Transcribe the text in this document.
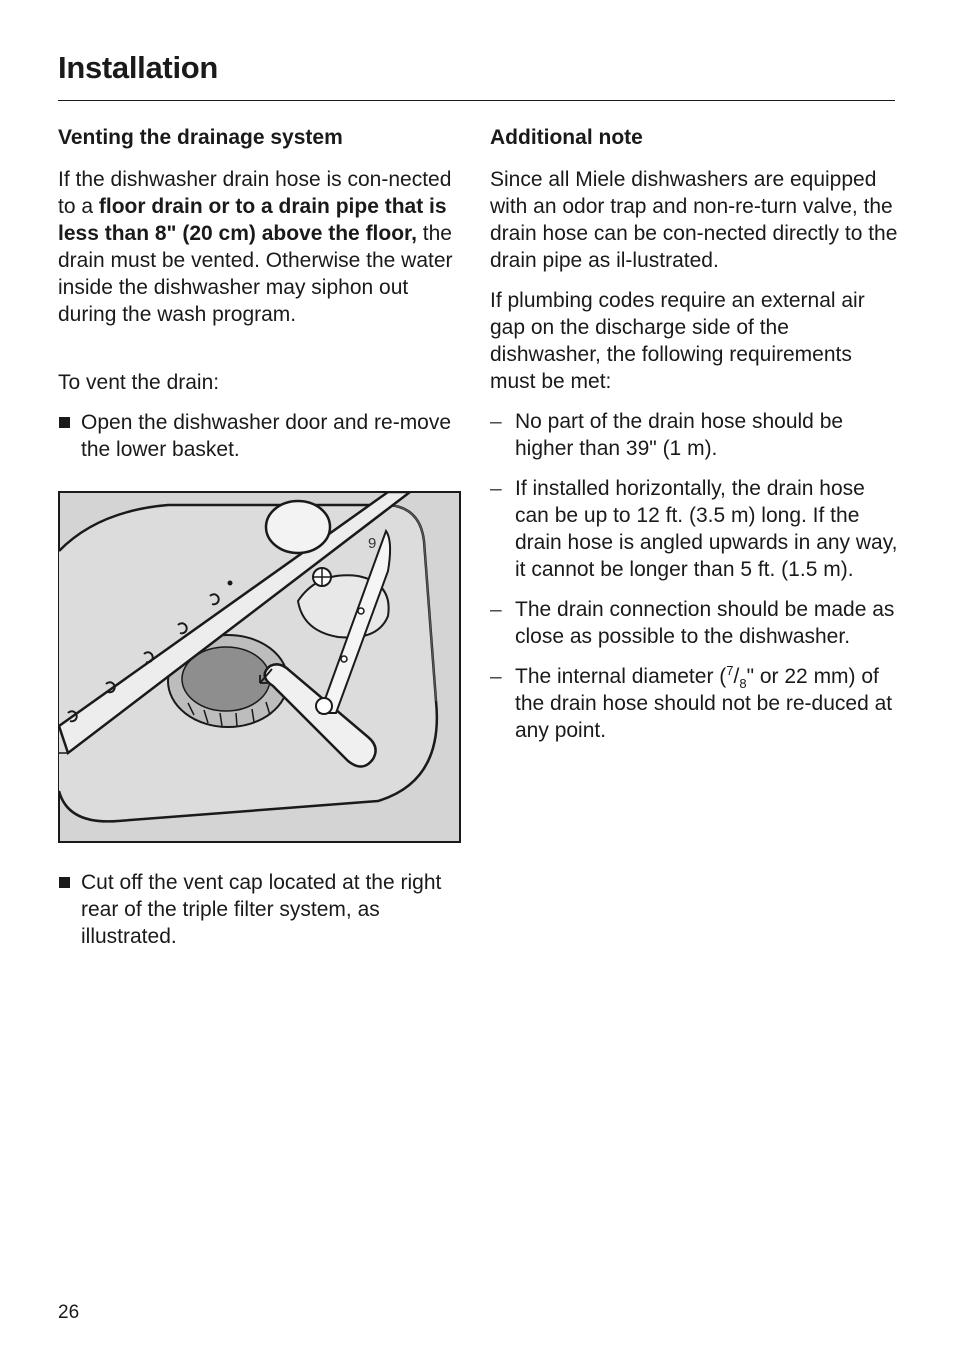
Installation
Venting the drainage system

If the dishwasher drain hose is con-nected to a floor drain or to a drain pipe that is less than 8" (20 cm) above the floor, the drain must be vented. Otherwise the water inside the dishwasher may siphon out during the wash program.

To vent the drain:

Open the dishwasher door and re-move the lower basket.
9
Cut off the vent cap located at the right rear of the triple filter system, as illustrated.
Additional note

Since all Miele dishwashers are equipped with an odor trap and non-re-turn valve, the drain hose can be con-nected directly to the drain pipe as il-lustrated.

If plumbing codes require an external air gap on the discharge side of the dishwasher, the following requirements must be met:

– No part of the drain hose should be higher than 39" (1 m).
– If installed horizontally, the drain hose can be up to 12 ft. (3.5 m) long. If the drain hose is angled upwards in any way, it cannot be longer than 5 ft. (1.5 m).
– The drain connection should be made as close as possible to the dishwasher.
– The internal diameter ($^7/_8$" or 22 mm) of the drain hose should not be re-duced at any point.
26
